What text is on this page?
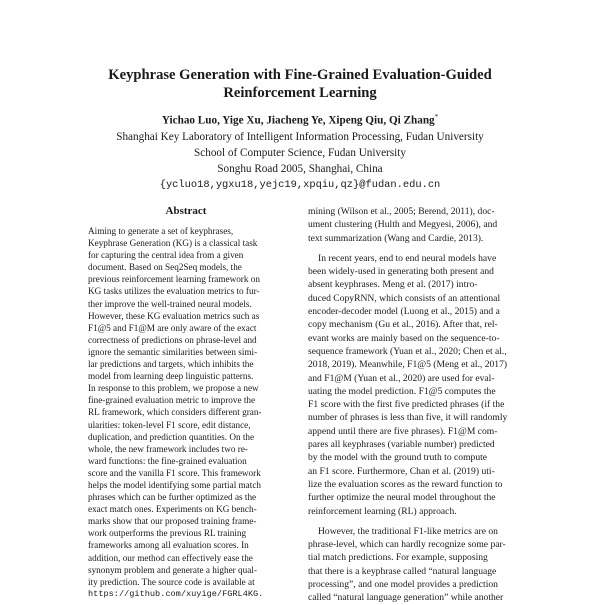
Keyphrase Generation with Fine-Grained Evaluation-Guided
Reinforcement Learning
Yichao Luo, Yige Xu, Jiacheng Ye, Xipeng Qiu, Qi Zhang*
Shanghai Key Laboratory of Intelligent Information Processing, Fudan University
School of Computer Science, Fudan University
Songhu Road 2005, Shanghai, China
{ycluo18,ygxu18,yejc19,xpqiu,qz}@fudan.edu.cn
Abstract
Aiming to generate a set of keyphrases,
Keyphrase Generation (KG) is a classical task
for capturing the central idea from a given
document. Based on Seq2Seq models, the
previous reinforcement learning framework on
KG tasks utilizes the evaluation metrics to fur-
ther improve the well-trained neural models.
However, these KG evaluation metrics such as
F1@5 and F1@M are only aware of the exact
correctness of predictions on phrase-level and
ignore the semantic similarities between simi-
lar predictions and targets, which inhibits the
model from learning deep linguistic patterns.
In response to this problem, we propose a new
fine-grained evaluation metric to improve the
RL framework, which considers different gran-
ularities: token-level F1 score, edit distance,
duplication, and prediction quantities. On the
whole, the new framework includes two re-
ward functions: the fine-grained evaluation
score and the vanilla F1 score. This framework
helps the model identifying some partial match
phrases which can be further optimized as the
exact match ones. Experiments on KG bench-
marks show that our proposed training frame-
work outperforms the previous RL training
frameworks among all evaluation scores. In
addition, our method can effectively ease the
synonym problem and generate a higher qual-
ity prediction. The source code is available at
https://github.com/xuyige/FGRL4KG.
mining (Wilson et al., 2005; Berend, 2011), doc-
ument clustering (Hulth and Megyesi, 2006), and
text summarization (Wang and Cardie, 2013).
In recent years, end to end neural models have
been widely-used in generating both present and
absent keyphrases. Meng et al. (2017) intro-
duced CopyRNN, which consists of an attentional
encoder-decoder model (Luong et al., 2015) and a
copy mechanism (Gu et al., 2016). After that, rel-
evant works are mainly based on the sequence-to-
sequence framework (Yuan et al., 2020; Chen et al.,
2018, 2019). Meanwhile, F1@5 (Meng et al., 2017)
and F1@M (Yuan et al., 2020) are used for eval-
uating the model prediction. F1@5 computes the
F1 score with the first five predicted phrases (if the
number of phrases is less than five, it will randomly
append until there are five phrases). F1@M com-
pares all keyphrases (variable number) predicted
by the model with the ground truth to compute
an F1 score. Furthermore, Chan et al. (2019) uti-
lize the evaluation scores as the reward function to
further optimize the neural model throughout the
reinforcement learning (RL) approach.
However, the traditional F1-like metrics are on
phrase-level, which can hardly recognize some par-
tial match predictions. For example, supposing
that there is a keyphrase called “natural language
processing”, and one model provides a prediction
called “natural language generation” while another
